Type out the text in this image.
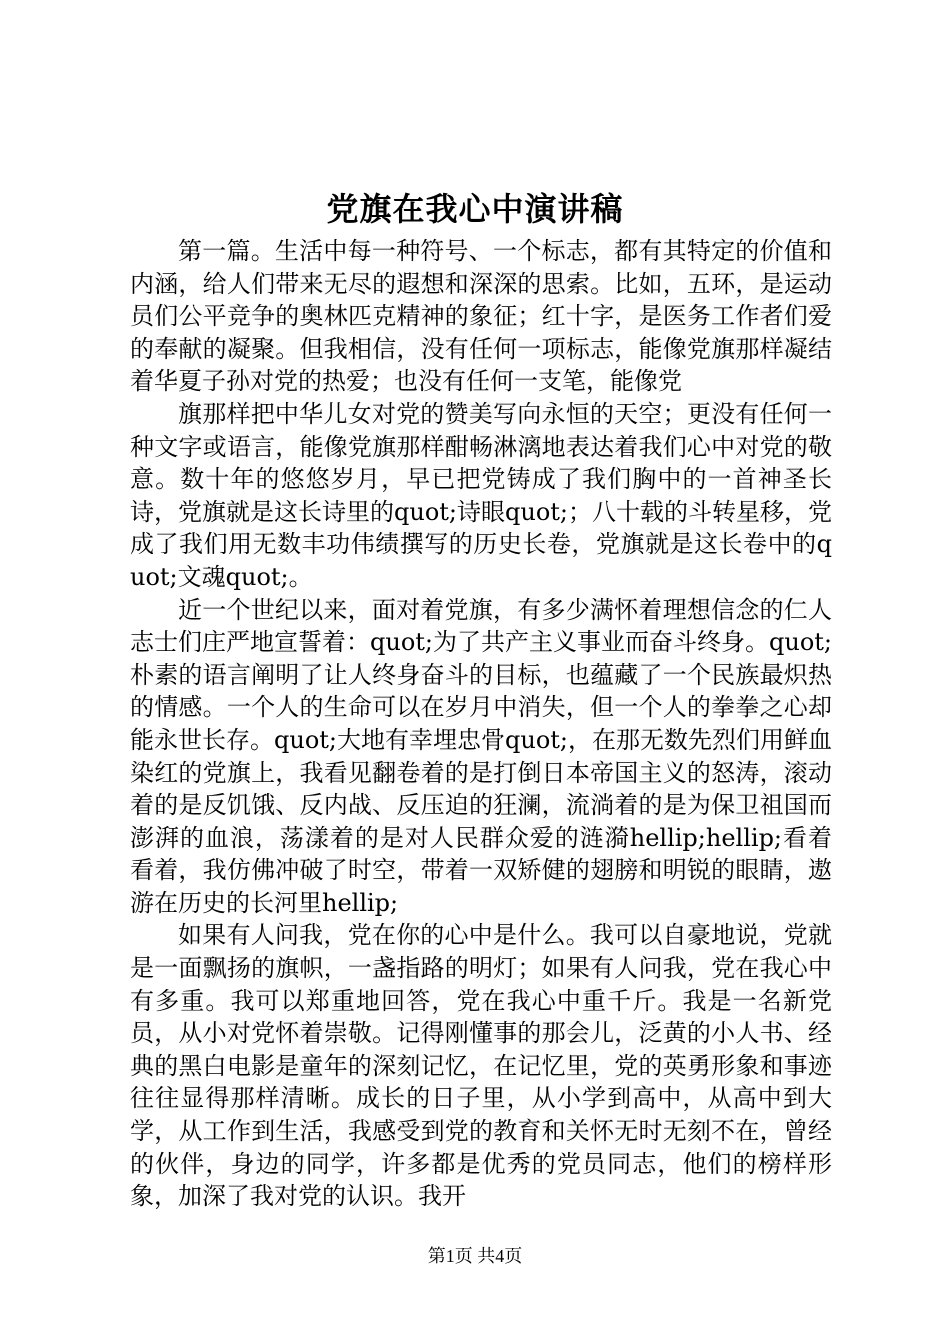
党旗在我心中演讲稿

第一篇。生活中每一种符号、一个标志，都有其特定的价值和内涵，给人们带来无尽的遐想和深深的思索。比如，五环，是运动员们公平竞争的奥林匹克精神的象征；红十字，是医务工作者们爱的奉献的凝聚。但我相信，没有任何一项标志，能像党旗那样凝结着华夏子孙对党的热爱；也没有任何一支笔，能像党

旗那样把中华儿女对党的赞美写向永恒的天空；更没有任何一种文字或语言，能像党旗那样酣畅淋漓地表达着我们心中对党的敬意。数十年的悠悠岁月，早已把党铸成了我们胸中的一首神圣长诗，党旗就是这长诗里的quot;诗眼quot;；八十载的斗转星移，党成了我们用无数丰功伟绩撰写的历史长卷，党旗就是这长卷中的quot;文魂quot;。

近一个世纪以来，面对着党旗，有多少满怀着理想信念的仁人志士们庄严地宣誓着：quot;为了共产主义事业而奋斗终身。quot;朴素的语言阐明了让人终身奋斗的目标，也蕴藏了一个民族最炽热的情感。一个人的生命可以在岁月中消失，但一个人的拳拳之心却能永世长存。quot;大地有幸埋忠骨quot;，在那无数先烈们用鲜血染红的党旗上，我看见翻卷着的是打倒日本帝国主义的怒涛，滚动着的是反饥饿、反内战、反压迫的狂澜，流淌着的是为保卫祖国而澎湃的血浪，荡漾着的是对人民群众爱的涟漪hellip;hellip;看着看着，我仿佛冲破了时空，带着一双矫健的翅膀和明锐的眼睛，遨游在历史的长河里hellip;

如果有人问我，党在你的心中是什么。我可以自豪地说，党就是一面飘扬的旗帜，一盏指路的明灯；如果有人问我，党在我心中有多重。我可以郑重地回答，党在我心中重千斤。我是一名新党员，从小对党怀着崇敬。记得刚懂事的那会儿，泛黄的小人书、经典的黑白电影是童年的深刻记忆，在记忆里，党的英勇形象和事迹往往显得那样清晰。成长的日子里，从小学到高中，从高中到大学，从工作到生活，我感受到党的教育和关怀无时无刻不在，曾经的伙伴，身边的同学，许多都是优秀的党员同志，他们的榜样形象，加深了我对党的认识。我开

第1页 共4页
